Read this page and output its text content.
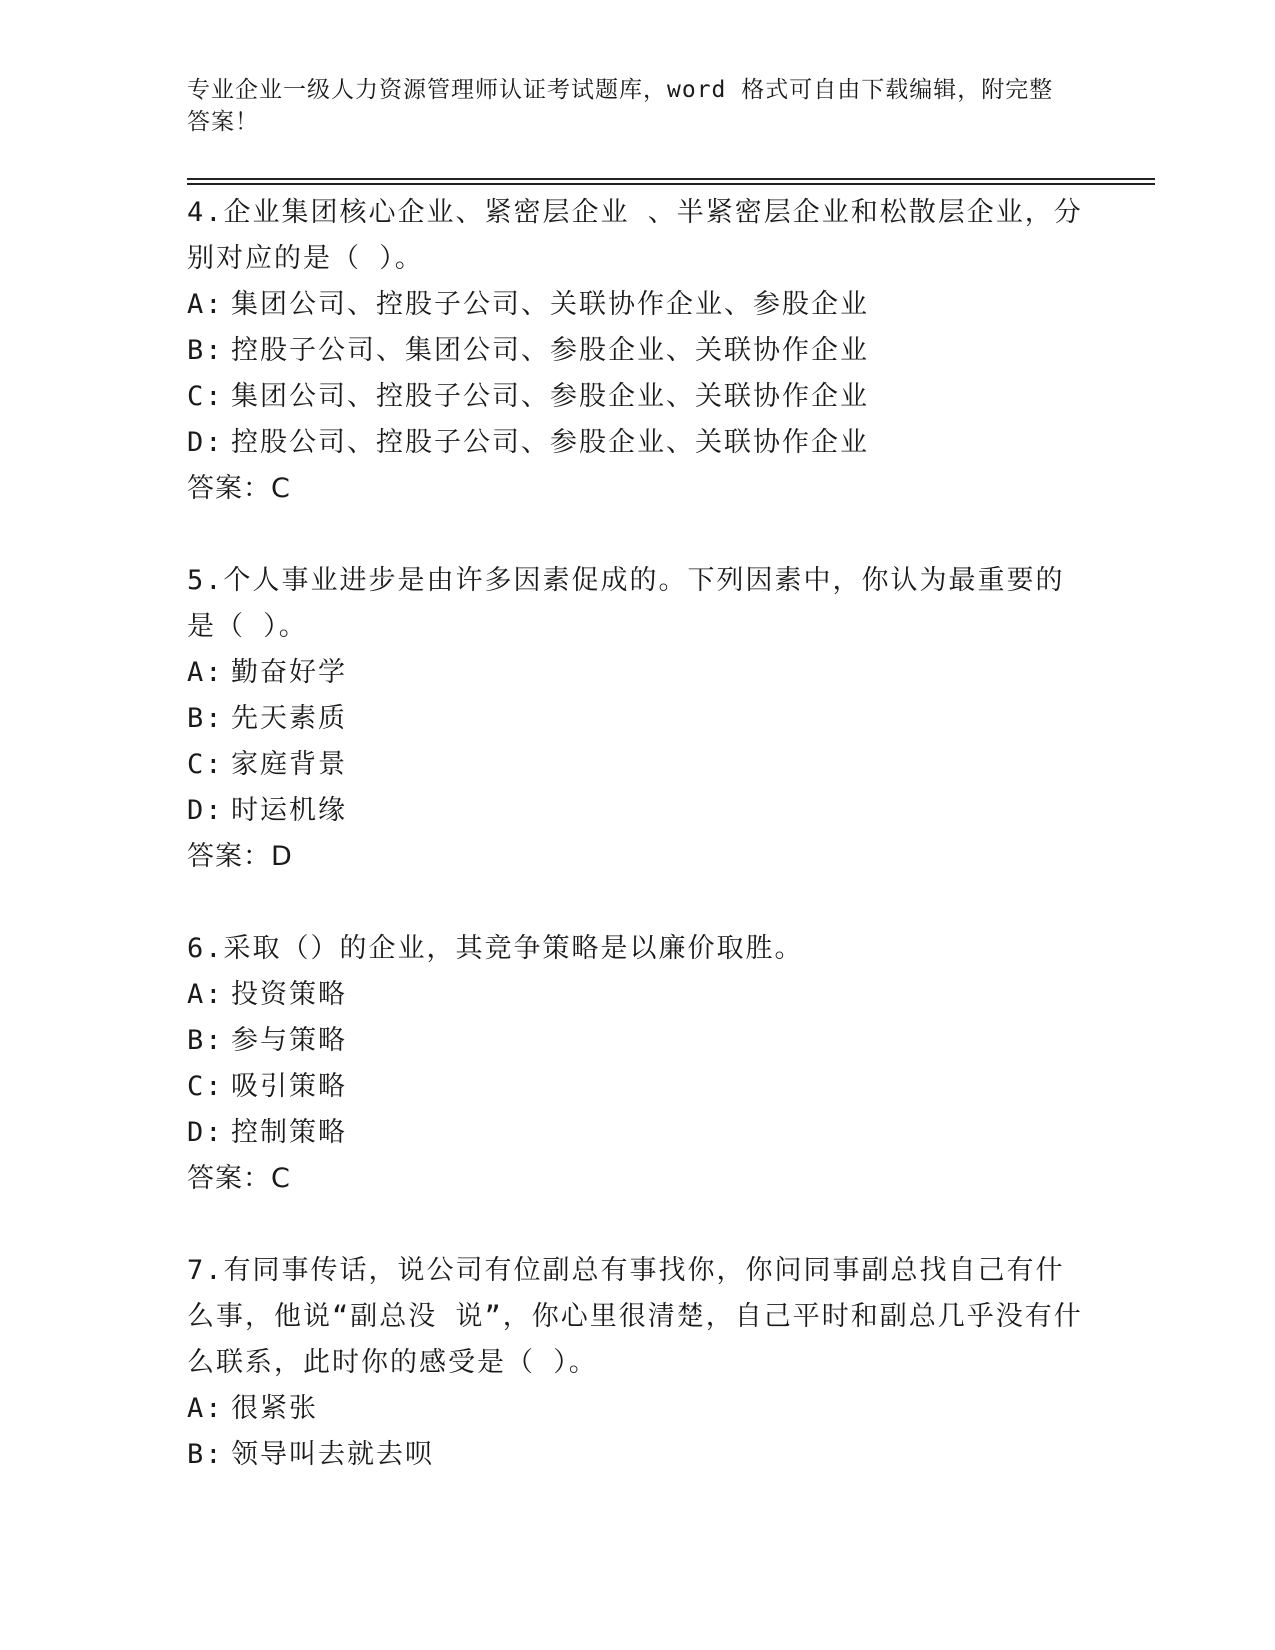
专业企业一级人力资源管理师认证考试题库，word 格式可自由下载编辑，附完整答案！

4.企业集团核心企业、紧密层企业 、半紧密层企业和松散层企业，分别对应的是（ ）。

A: 集团公司、控股子公司、关联协作企业、参股企业

B: 控股子公司、集团公司、参股企业、关联协作企业

C: 集团公司、控股子公司、参股企业、关联协作企业

D: 控股公司、控股子公司、参股企业、关联协作企业

答案：C

5.个人事业进步是由许多因素促成的。下列因素中，你认为最重要的是（ ）。

A: 勤奋好学

B: 先天素质

C: 家庭背景

D: 时运机缘

答案：D

6.采取（）的企业，其竞争策略是以廉价取胜。

A: 投资策略

B: 参与策略

C: 吸引策略

D: 控制策略

答案：C

7.有同事传话，说公司有位副总有事找你，你问同事副总找自己有什么事，他说“副总没 说”，你心里很清楚，自己平时和副总几乎没有什么联系，此时你的感受是（ ）。

A: 很紧张

B: 领导叫去就去呗
